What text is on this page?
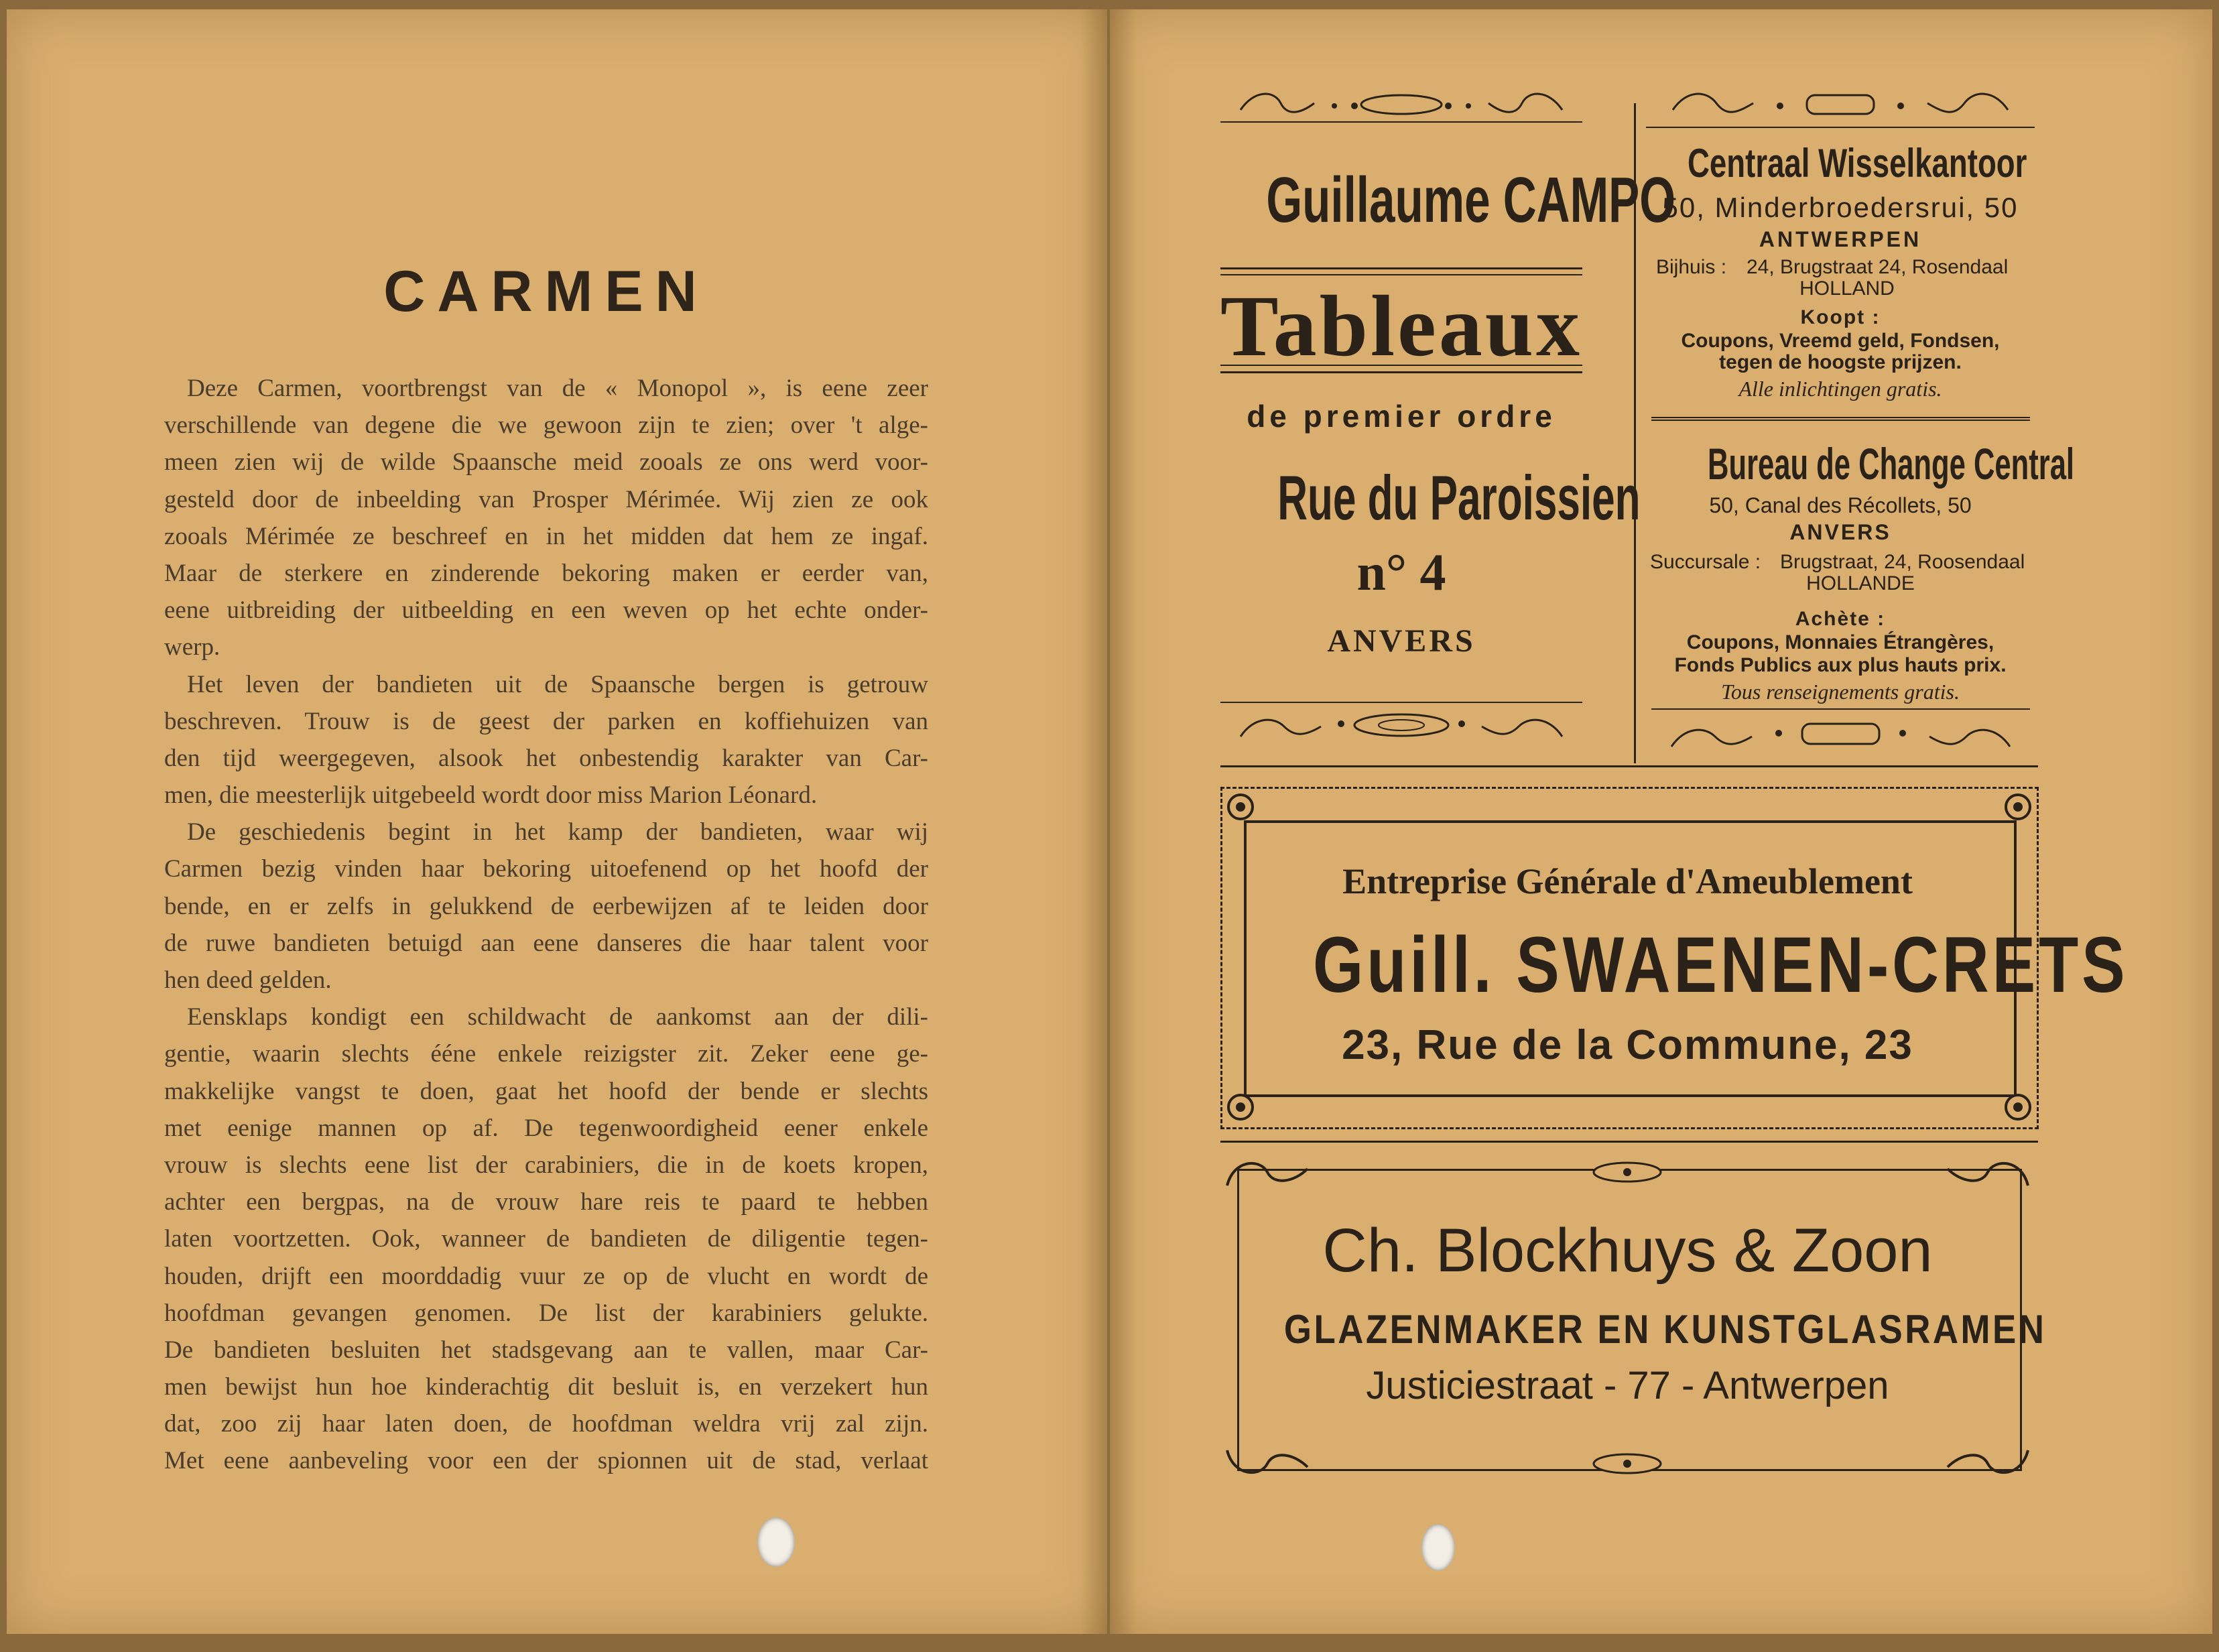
CARMEN
Deze Carmen, voortbrengst van de « Monopol », is eene zeer
verschillende van degene die we gewoon zijn te zien; over 't alge-
meen zien wij de wilde Spaansche meid zooals ze ons werd voor-
gesteld door de inbeelding van Prosper Mérimée. Wij zien ze ook
zooals Mérimée ze beschreef en in het midden dat hem ze ingaf.
Maar de sterkere en zinderende bekoring maken er eerder van,
eene uitbreiding der uitbeelding en een weven op het echte onder-
werp.
Het leven der bandieten uit de Spaansche bergen is getrouw
beschreven. Trouw is de geest der parken en koffiehuizen van
den tijd weergegeven, alsook het onbestendig karakter van Car-
men, die meesterlijk uitgebeeld wordt door miss Marion Léonard.
De geschiedenis begint in het kamp der bandieten, waar wij
Carmen bezig vinden haar bekoring uitoefenend op het hoofd der
bende, en er zelfs in gelukkend de eerbewijzen af te leiden door
de ruwe bandieten betuigd aan eene danseres die haar talent voor
hen deed gelden.
Eensklaps kondigt een schildwacht de aankomst aan der dili-
gentie, waarin slechts ééne enkele reizigster zit. Zeker eene ge-
makkelijke vangst te doen, gaat het hoofd der bende er slechts
met eenige mannen op af. De tegenwoordigheid eener enkele
vrouw is slechts eene list der carabiniers, die in de koets kropen,
achter een bergpas, na de vrouw hare reis te paard te hebben
laten voortzetten. Ook, wanneer de bandieten de diligentie tegen-
houden, drijft een moorddadig vuur ze op de vlucht en wordt de
hoofdman gevangen genomen. De list der karabiniers gelukte.
De bandieten besluiten het stadsgevang aan te vallen, maar Car-
men bewijst hun hoe kinderachtig dit besluit is, en verzekert hun
dat, zoo zij haar laten doen, de hoofdman weldra vrij zal zijn.
Met eene aanbeveling voor een der spionnen uit de stad, verlaat
Guillaume CAMPO
Tableaux
de premier ordre
Rue du Paroissien
n° 4
ANVERS
Centraal Wisselkantoor
50, Minderbroedersrui, 50
ANTWERPEN
Bijhuis : 24, Brugstraat 24, Rosendaal
HOLLAND
Koopt :
Coupons, Vreemd geld, Fondsen,
tegen de hoogste prijzen.
Alle inlichtingen gratis.
Bureau de Change Central
50, Canal des Récollets, 50
ANVERS
Succursale : Brugstraat, 24, Roosendaal
HOLLANDE
Achète :
Coupons, Monnaies Étrangères,
Fonds Publics aux plus hauts prix.
Tous renseignements gratis.
Entreprise Générale d'Ameublement
Guill. SWAENEN-CRETS
23, Rue de la Commune, 23
Ch. Blockhuys & Zoon
GLAZENMAKER EN KUNSTGLASRAMEN
Justiciestraat - 77 - Antwerpen
